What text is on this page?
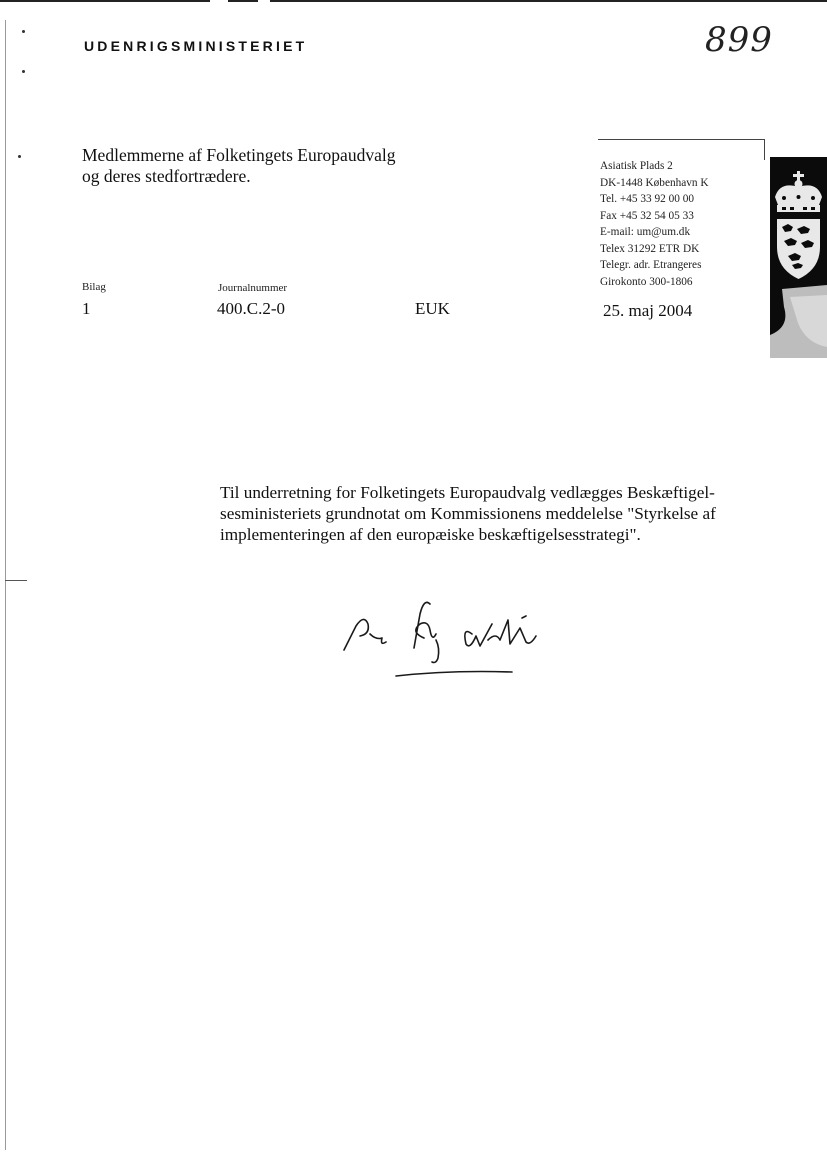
UDENRIGSMINISTERIET	899
Medlemmerne af Folketingets Europaudvalg
og deres stedfortrædere.	Asiatisk Plads 2
DK-1448 København K
Tel. +45 33 92 00 00
Fax +45 32 54 05 33
E-mail: um@um.dk
Telex 31292 ETR DK
Telegr. adr. Etrangeres
Girokonto 300-1806
Bilag
1
Journalnummer
400.C.2-0	EUK	25. maj 2004
Til underretning for Folketingets Europaudvalg vedlægges Beskæftigel-
sesministeriets grundnotat om Kommissionens meddelelse "Styrkelse af
implementeringen af den europæiske beskæftigelsesstrategi".
